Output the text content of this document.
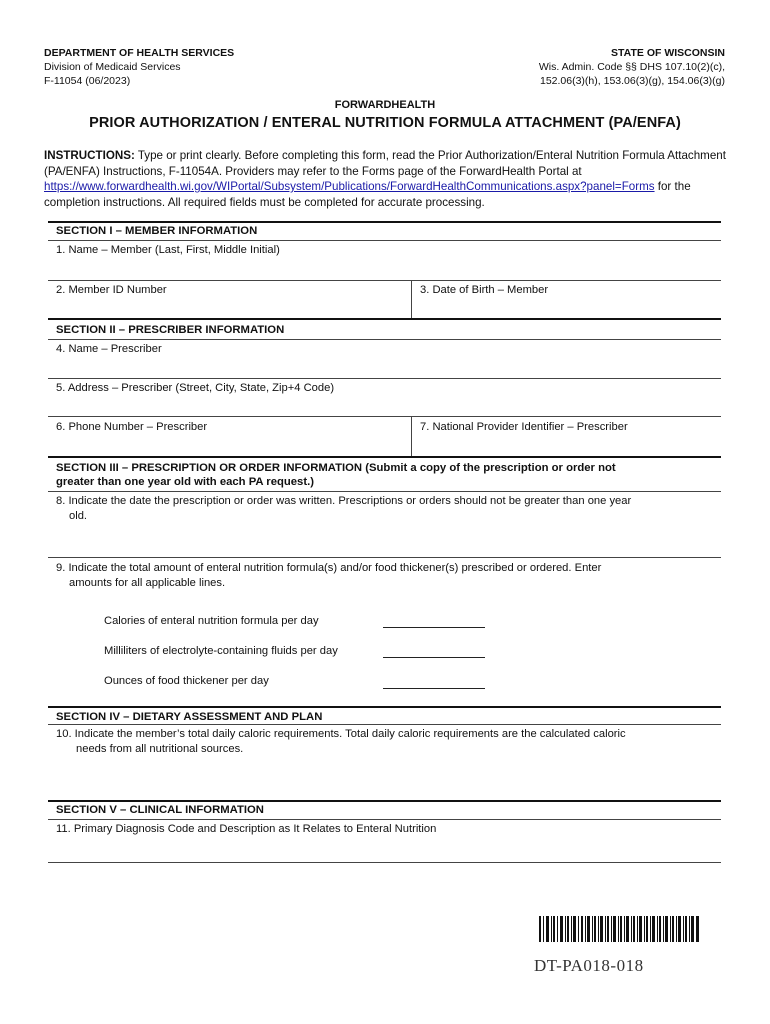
DEPARTMENT OF HEALTH SERVICES
Division of Medicaid Services
F-11054 (06/2023)
STATE OF WISCONSIN
Wis. Admin. Code §§ DHS 107.10(2)(c),
152.06(3)(h), 153.06(3)(g), 154.06(3)(g)
FORWARDHEALTH
PRIOR AUTHORIZATION / ENTERAL NUTRITION FORMULA ATTACHMENT (PA/ENFA)
INSTRUCTIONS: Type or print clearly. Before completing this form, read the Prior Authorization/Enteral Nutrition Formula Attachment (PA/ENFA) Instructions, F-11054A. Providers may refer to the Forms page of the ForwardHealth Portal at https://www.forwardhealth.wi.gov/WIPortal/Subsystem/Publications/ForwardHealthCommunications.aspx?panel=Forms for the completion instructions. All required fields must be completed for accurate processing.
SECTION I – MEMBER INFORMATION
1. Name – Member (Last, First, Middle Initial)
2. Member ID Number	3. Date of Birth – Member
SECTION II – PRESCRIBER INFORMATION
4. Name – Prescriber
5. Address – Prescriber (Street, City, State, Zip+4 Code)
6. Phone Number – Prescriber	7. National Provider Identifier – Prescriber
SECTION III – PRESCRIPTION OR ORDER INFORMATION (Submit a copy of the prescription or order not
greater than one year old with each PA request.)
8. Indicate the date the prescription or order was written. Prescriptions or orders should not be greater than one year
old.
9. Indicate the total amount of enteral nutrition formula(s) and/or food thickener(s) prescribed or ordered. Enter
amounts for all applicable lines.
Calories of enteral nutrition formula per day
Milliliters of electrolyte-containing fluids per day
Ounces of food thickener per day
SECTION IV – DIETARY ASSESSMENT AND PLAN
10. Indicate the member’s total daily caloric requirements. Total daily caloric requirements are the calculated caloric
needs from all nutritional sources.
SECTION V – CLINICAL INFORMATION
11. Primary Diagnosis Code and Description as It Relates to Enteral Nutrition
DT-PA018-018
